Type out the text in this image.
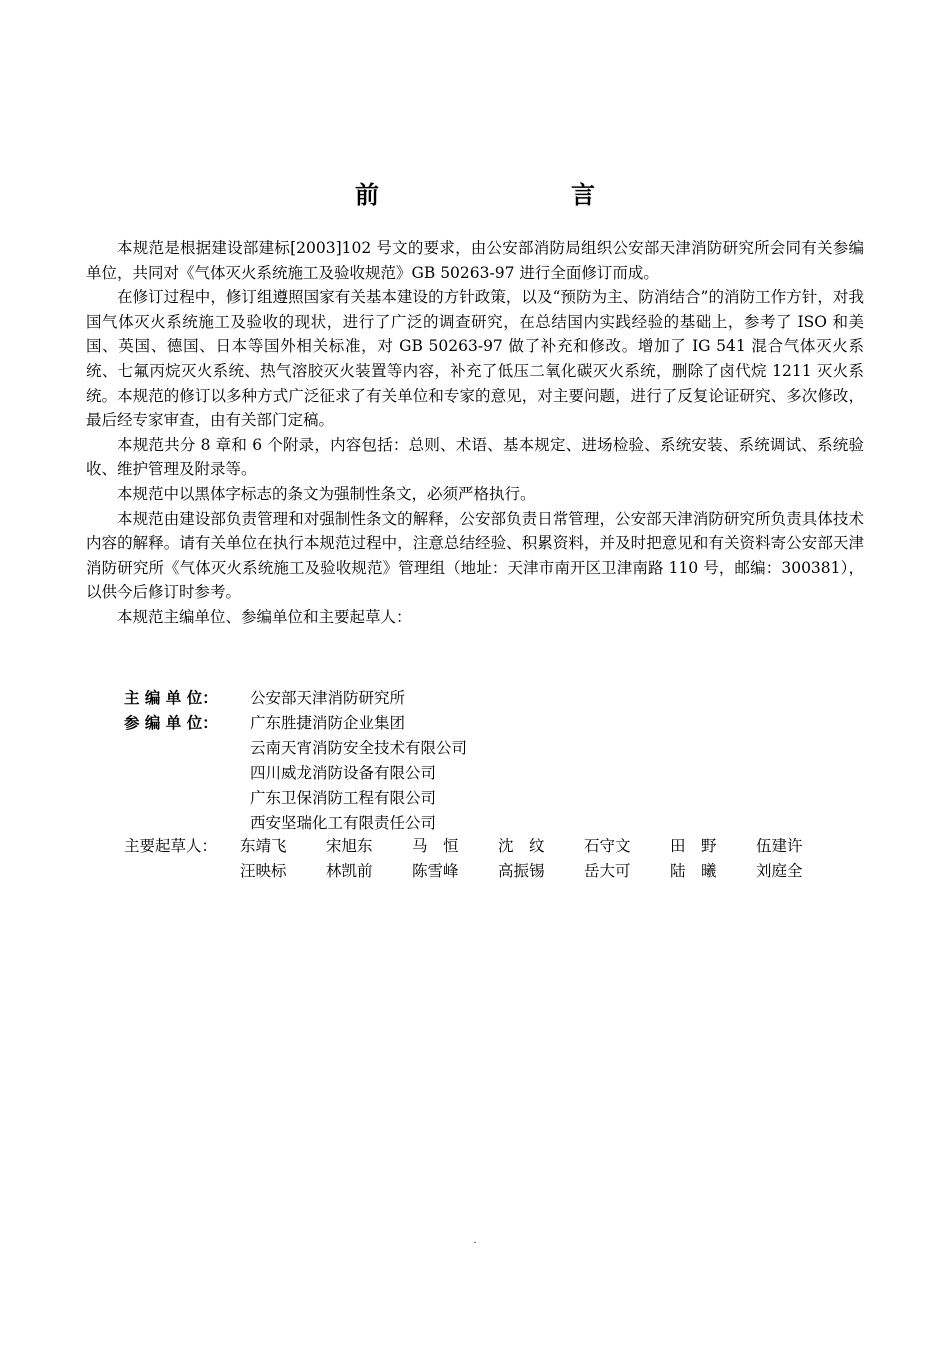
前　　言

本规范是根据建设部建标[2003]102 号文的要求，由公安部消防局组织公安部天津消防研究所会同有关参编单位，共同对《气体灭火系统施工及验收规范》GB 50263-97 进行全面修订而成。

在修订过程中，修订组遵照国家有关基本建设的方针政策，以及“预防为主、防消结合”的消防工作方针，对我国气体灭火系统施工及验收的现状，进行了广泛的调查研究，在总结国内实践经验的基础上，参考了 ISO 和美国、英国、德国、日本等国外相关标准，对 GB 50263-97 做了补充和修改。增加了 IG 541 混合气体灭火系统、七氟丙烷灭火系统、热气溶胶灭火装置等内容，补充了低压二氧化碳灭火系统，删除了卤代烷 1211 灭火系统。本规范的修订以多种方式广泛征求了有关单位和专家的意见，对主要问题，进行了反复论证研究、多次修改，最后经专家审查，由有关部门定稿。

本规范共分 8 章和 6 个附录，内容包括：总则、术语、基本规定、进场检验、系统安装、系统调试、系统验收、维护管理及附录等。

本规范中以黑体字标志的条文为强制性条文，必须严格执行。

本规范由建设部负责管理和对强制性条文的解释，公安部负责日常管理，公安部天津消防研究所负责具体技术内容的解释。请有关单位在执行本规范过程中，注意总结经验、积累资料，并及时把意见和有关资料寄公安部天津消防研究所《气体灭火系统施工及验收规范》管理组（地址：天津市南开区卫津南路 110 号，邮编：300381），以供今后修订时参考。

本规范主编单位、参编单位和主要起草人：

主 编 单 位：	公安部天津消防研究所
参 编 单 位：	广东胜捷消防企业集团
云南天宵消防安全技术有限公司
四川威龙消防设备有限公司
广东卫保消防工程有限公司
西安坚瑞化工有限责任公司
主要起草人：	东靖飞	宋旭东	马　恒	沈　纹	石守文	田　野	伍建许
汪映标	林凯前	陈雪峰	高振锡	岳大可	陆　曦	刘庭全
.
